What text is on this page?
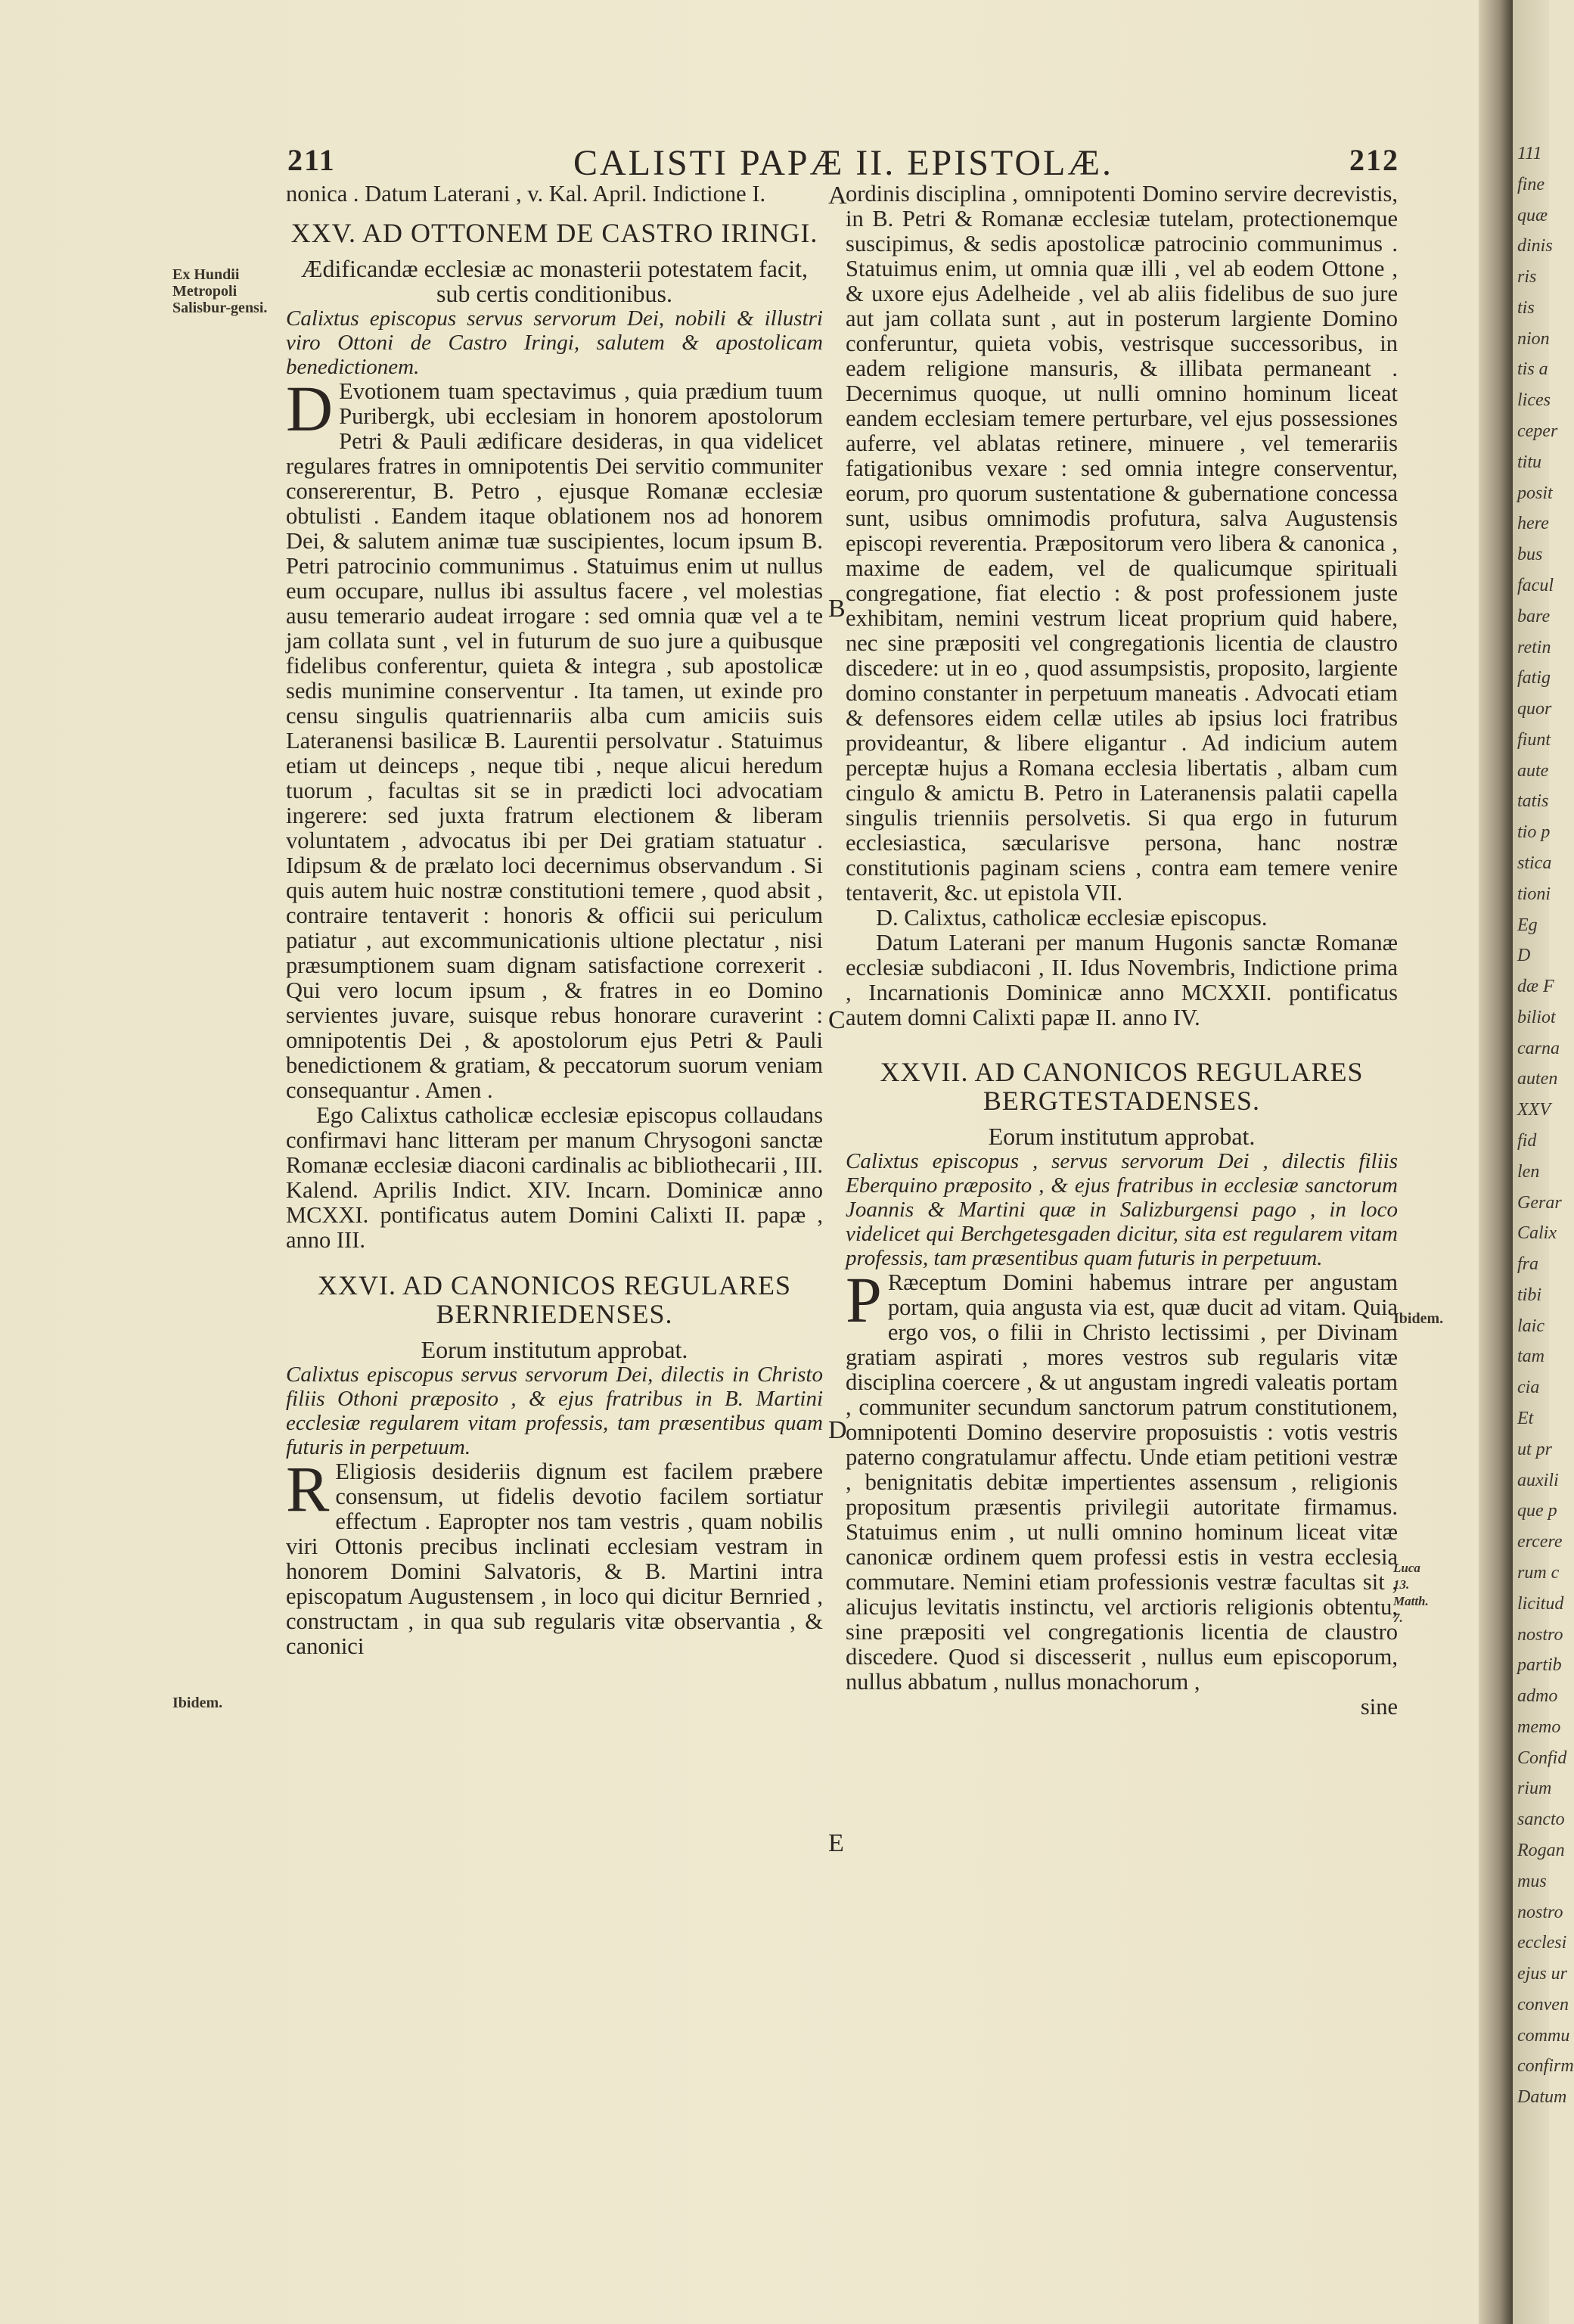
211	CALISTI PAPÆ II. EPISTOLÆ.	212
Ex Hundii Metropoli Salisbur-gensi.
Ibidem.
Ibidem.
Luca 13. Matth. 7.
A
B
C
D
E

nonica . Datum Laterani , v. Kal. April. Indictione I.

XXV. AD OTTONEM DE CASTRO IRINGI.

Ædificandæ ecclesiæ ac monasterii potestatem facit, sub certis conditionibus.

Calixtus episcopus servus servorum Dei, nobili & illustri viro Ottoni de Castro Iringi, salutem & apostolicam benedictionem.

D Evotionem tuam spectavimus , quia prædium tuum Puribergk, ubi ecclesiam in honorem apostolorum Petri & Pauli ædificare desideras, in qua videlicet regulares fratres in omnipotentis Dei servitio communiter consererentur, B. Petro , ejusque Romanæ ecclesiæ obtulisti . Eandem itaque oblationem nos ad honorem Dei, & salutem animæ tuæ suscipientes, locum ipsum B. Petri patrocinio communimus . Statuimus enim ut nullus eum occupare, nullus ibi assultus facere , vel molestias ausu temerario audeat irrogare : sed omnia quæ vel a te jam collata sunt , vel in futurum de suo jure a quibusque fidelibus conferentur, quieta & integra , sub apostolicæ sedis munimine conserventur . Ita tamen, ut exinde pro censu singulis quatriennariis alba cum amiciis suis Lateranensi basilicæ B. Laurentii persolvatur . Statuimus etiam ut deinceps , neque tibi , neque alicui heredum tuorum , facultas sit se in prædicti loci advocatiam ingerere: sed juxta fratrum electionem & liberam voluntatem , advocatus ibi per Dei gratiam statuatur . Idipsum & de prælato loci decernimus observandum . Si quis autem huic nostræ constitutioni temere , quod absit , contraire tentaverit : honoris & officii sui periculum patiatur , aut excommunicationis ultione plectatur , nisi præsumptionem suam dignam satisfactione correxerit . Qui vero locum ipsum , & fratres in eo Domino servientes juvare, suisque rebus honorare curaverint : omnipotentis Dei , & apostolorum ejus Petri & Pauli benedictionem & gratiam, & peccatorum suorum veniam consequantur . Amen .

Ego Calixtus catholicæ ecclesiæ episcopus collaudans confirmavi hanc litteram per manum Chrysogoni sanctæ Romanæ ecclesiæ diaconi cardinalis ac bibliothecarii , III. Kalend. Aprilis Indict. XIV. Incarn. Dominicæ anno MCXXI. pontificatus autem Domini Calixti II. papæ , anno III.

XXVI. AD CANONICOS REGULARES BERNRIEDENSES.

Eorum institutum approbat.

Calixtus episcopus servus servorum Dei, dilectis in Christo filiis Othoni præposito , & ejus fratribus in B. Martini ecclesiæ regularem vitam professis, tam præsentibus quam futuris in perpetuum.

R Eligiosis desideriis dignum est facilem præbere consensum, ut fidelis devotio facilem sortiatur effectum . Eapropter nos tam vestris , quam nobilis viri Ottonis precibus inclinati ecclesiam vestram in honorem Domini Salvatoris, & B. Martini intra episcopatum Augustensem , in loco qui dicitur Bernried , constructam , in qua sub regularis vitæ observantia , & canonici

ordinis disciplina , omnipotenti Domino servire decrevistis, in B. Petri & Romanæ ecclesiæ tutelam, protectionemque suscipimus, & sedis apostolicæ patrocinio communimus . Statuimus enim, ut omnia quæ illi , vel ab eodem Ottone , & uxore ejus Adelheide , vel ab aliis fidelibus de suo jure aut jam collata sunt , aut in posterum largiente Domino conferuntur, quieta vobis, vestrisque successoribus, in eadem religione mansuris, & illibata permaneant . Decernimus quoque, ut nulli omnino hominum liceat eandem ecclesiam temere perturbare, vel ejus possessiones auferre, vel ablatas retinere, minuere , vel temerariis fatigationibus vexare : sed omnia integre conserventur, eorum, pro quorum sustentatione & gubernatione concessa sunt, usibus omnimodis profutura, salva Augustensis episcopi reverentia. Præpositorum vero libera & canonica , maxime de eadem, vel de qualicumque spirituali congregatione, fiat electio : & post professionem juste exhibitam, nemini vestrum liceat proprium quid habere, nec sine præpositi vel congregationis licentia de claustro discedere: ut in eo , quod assumpsistis, proposito, largiente domino constanter in perpetuum maneatis . Advocati etiam & defensores eidem cellæ utiles ab ipsius loci fratribus provideantur, & libere eligantur . Ad indicium autem perceptæ hujus a Romana ecclesia libertatis , albam cum cingulo & amictu B. Petro in Lateranensis palatii capella singulis trienniis persolvetis. Si qua ergo in futurum ecclesiastica, sæcularisve persona, hanc nostræ constitutionis paginam sciens , contra eam temere venire tentaverit, &c. ut epistola VII.

D. Calixtus, catholicæ ecclesiæ episcopus.

Datum Laterani per manum Hugonis sanctæ Romanæ ecclesiæ subdiaconi , II. Idus Novembris, Indictione prima , Incarnationis Dominicæ anno MCXXII. pontificatus autem domni Calixti papæ II. anno IV.

XXVII. AD CANONICOS REGULARES BERGTESTADENSES.

Eorum institutum approbat.

Calixtus episcopus , servus servorum Dei , dilectis filiis Eberquino præposito , & ejus fratribus in ecclesiæ sanctorum Joannis & Martini quæ in Salizburgensi pago , in loco videlicet qui Berchgetesgaden dicitur, sita est regularem vitam professis, tam præsentibus quam futuris in perpetuum.

P Ræceptum Domini habemus intrare per angustam portam, quia angusta via est, quæ ducit ad vitam. Quia ergo vos, o filii in Christo lectissimi , per Divinam gratiam aspirati , mores vestros sub regularis vitæ disciplina coercere , & ut angustam ingredi valeatis portam , communiter secundum sanctorum patrum constitutionem, omnipotenti Domino deservire proposuistis : votis vestris paterno congratulamur affectu. Unde etiam petitioni vestræ , benignitatis debitæ impertientes assensum , religionis propositum præsentis privilegii autoritate firmamus. Statuimus enim , ut nulli omnino hominum liceat vitæ canonicæ ordinem quem professi estis in vestra ecclesia commutare. Nemini etiam professionis vestræ facultas sit , alicujus levitatis instinctu, vel arctioris religionis obtentu, sine præpositi vel congregationis licentia de claustro discedere. Quod si discesserit , nullus eum episcoporum, nullus abbatum , nullus monachorum ,

sine

111
fine
quæ
dinis
ris
tis
nion
tis a
lices
ceper
titu
posit
here
bus
facul
bare
retin
fatig
quor
fiunt
aute
tatis
tio p
stica
tioni
Eg
D
dæ F
biliot
carna
auten
XXV
fid
len
Gerar
Calix
fra
tibi
laic
tam
cia
Et
ut pr
auxili
que p
ercere
rum c
licitud
nostro
partib
admo
memo
Confid
rium
sancto
Rogan
mus
nostro
ecclesi
ejus ur
conven
commu
confirm
Datum
